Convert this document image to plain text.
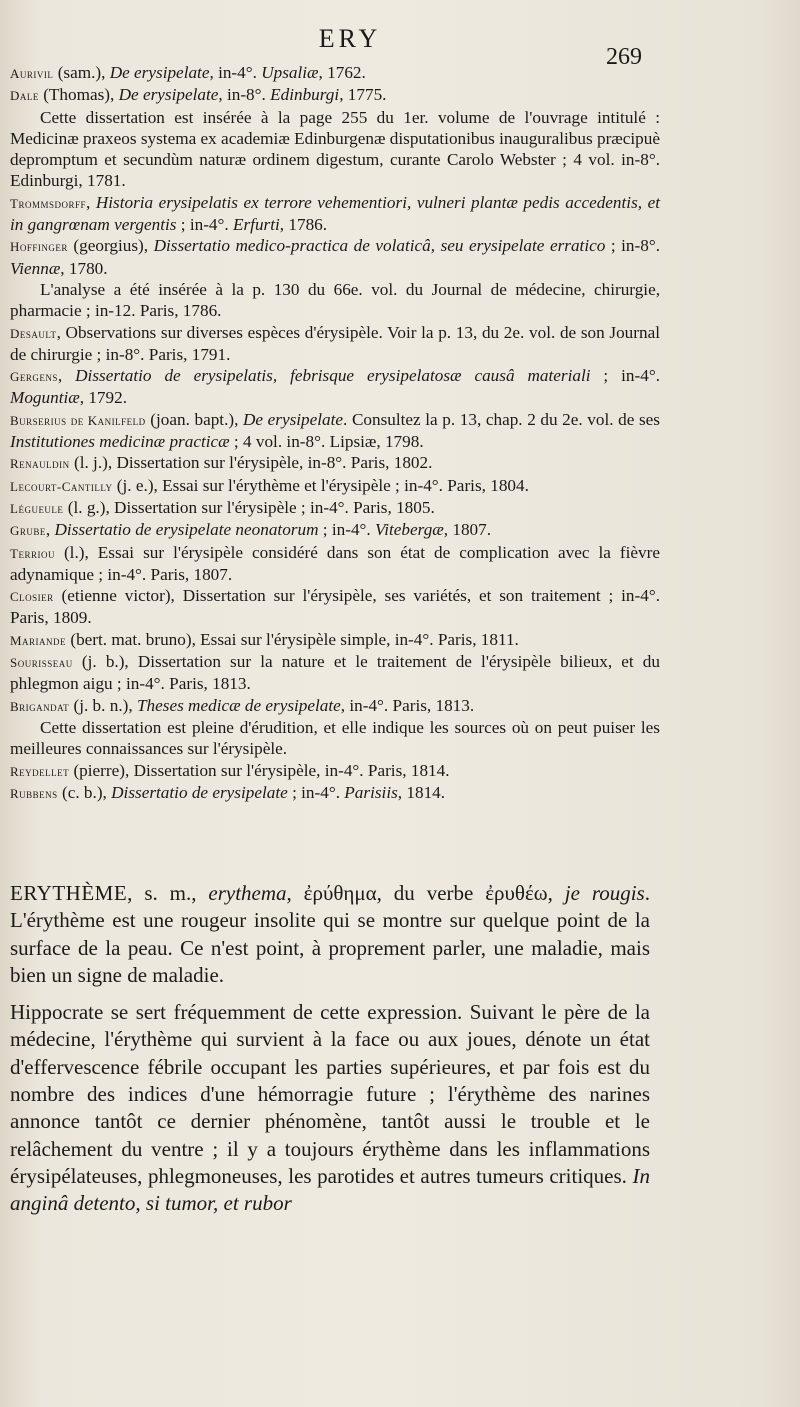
ERY
269

Aurivil (sam.), De erysipelate, in-4°. Upsaliæ, 1762.

Dale (Thomas), De erysipelate, in-8°. Edinburgi, 1775.

Cette dissertation est insérée à la page 255 du 1er. volume de l'ouvrage intitulé : Medicinæ praxeos systema ex academiæ Edinburgenæ disputationibus inauguralibus præcipuè depromptum et secundùm naturæ ordinem digestum, curante Carolo Webster ; 4 vol. in-8°. Edinburgi, 1781.

Trommsdorff, Historia erysipelatis ex terrore vehementiori, vulneri plantæ pedis accedentis, et in gangrœnam vergentis ; in-4°. Erfurti, 1786.

Hoffinger (georgius), Dissertatio medico-practica de volaticâ, seu erysipelate erratico ; in-8°. Viennæ, 1780.

L'analyse a été insérée à la p. 130 du 66e. vol. du Journal de médecine, chirurgie, pharmacie ; in-12. Paris, 1786.

Desault, Observations sur diverses espèces d'érysipèle. Voir la p. 13, du 2e. vol. de son Journal de chirurgie ; in-8°. Paris, 1791.

Gergens, Dissertatio de erysipelatis, febrisque erysipelatosæ causâ materiali ; in-4°. Moguntiæ, 1792.

Burserius de Kanilfeld (joan. bapt.), De erysipelate. Consultez la p. 13, chap. 2 du 2e. vol. de ses Institutiones medicinæ practicæ ; 4 vol. in-8°. Lipsiæ, 1798.

Renauldin (l. j.), Dissertation sur l'érysipèle, in-8°. Paris, 1802.

Lecourt-Cantilly (j. e.), Essai sur l'érythème et l'érysipèle ; in-4°. Paris, 1804.

Légueule (l. g.), Dissertation sur l'érysipèle ; in-4°. Paris, 1805.

Grube, Dissertatio de erysipelate neonatorum ; in-4°. Vitebergæ, 1807.

Terriou (l.), Essai sur l'érysipèle considéré dans son état de complication avec la fièvre adynamique ; in-4°. Paris, 1807.

Closier (etienne victor), Dissertation sur l'érysipèle, ses variétés, et son traitement ; in-4°. Paris, 1809.

Mariande (bert. mat. bruno), Essai sur l'érysipèle simple, in-4°. Paris, 1811.

Sourisseau (j. b.), Dissertation sur la nature et le traitement de l'érysipèle bilieux, et du phlegmon aigu ; in-4°. Paris, 1813.

Brigandat (j. b. n.), Theses medicæ de erysipelate, in-4°. Paris, 1813.

Cette dissertation est pleine d'érudition, et elle indique les sources où on peut puiser les meilleures connaissances sur l'érysipèle.

Reydellet (pierre), Dissertation sur l'érysipèle, in-4°. Paris, 1814.

Rubbens (c. b.), Dissertatio de erysipelate ; in-4°. Parisiis, 1814.

ERYTHÈME, s. m., erythema, ἐρύθημα, du verbe ἐρυθέω, je rougis. L'érythème est une rougeur insolite qui se montre sur quelque point de la surface de la peau. Ce n'est point, à proprement parler, une maladie, mais bien un signe de maladie.

Hippocrate se sert fréquemment de cette expression. Suivant le père de la médecine, l'érythème qui survient à la face ou aux joues, dénote un état d'effervescence fébrile occupant les parties supérieures, et par fois est du nombre des indices d'une hémorragie future ; l'érythème des narines annonce tantôt ce dernier phénomène, tantôt aussi le trouble et le relâchement du ventre ; il y a toujours érythème dans les inflammations érysipélateuses, phlegmoneuses, les parotides et autres tumeurs critiques. In anginâ detento, si tumor, et rubor
